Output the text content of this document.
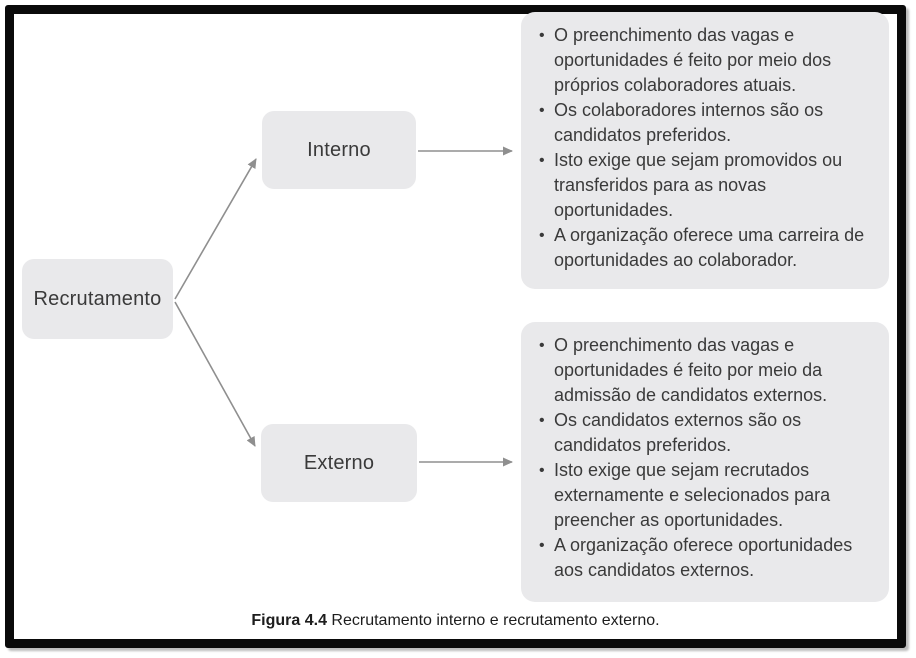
Recrutamento
Interno
Externo
• O preenchimento das vagas e oportunidades é feito por meio dos próprios colaboradores atuais.
• Os colaboradores internos são os candidatos preferidos.
• Isto exige que sejam promovidos ou transferidos para as novas oportunidades.
• A organização oferece uma carreira de oportunidades ao colaborador.
• O preenchimento das vagas e oportunidades é feito por meio da admissão de candidatos externos.
• Os candidatos externos são os candidatos preferidos.
• Isto exige que sejam recrutados externamente e selecionados para preencher as oportunidades.
• A organização oferece oportunidades aos candidatos externos.
Figura 4.4 Recrutamento interno e recrutamento externo.
